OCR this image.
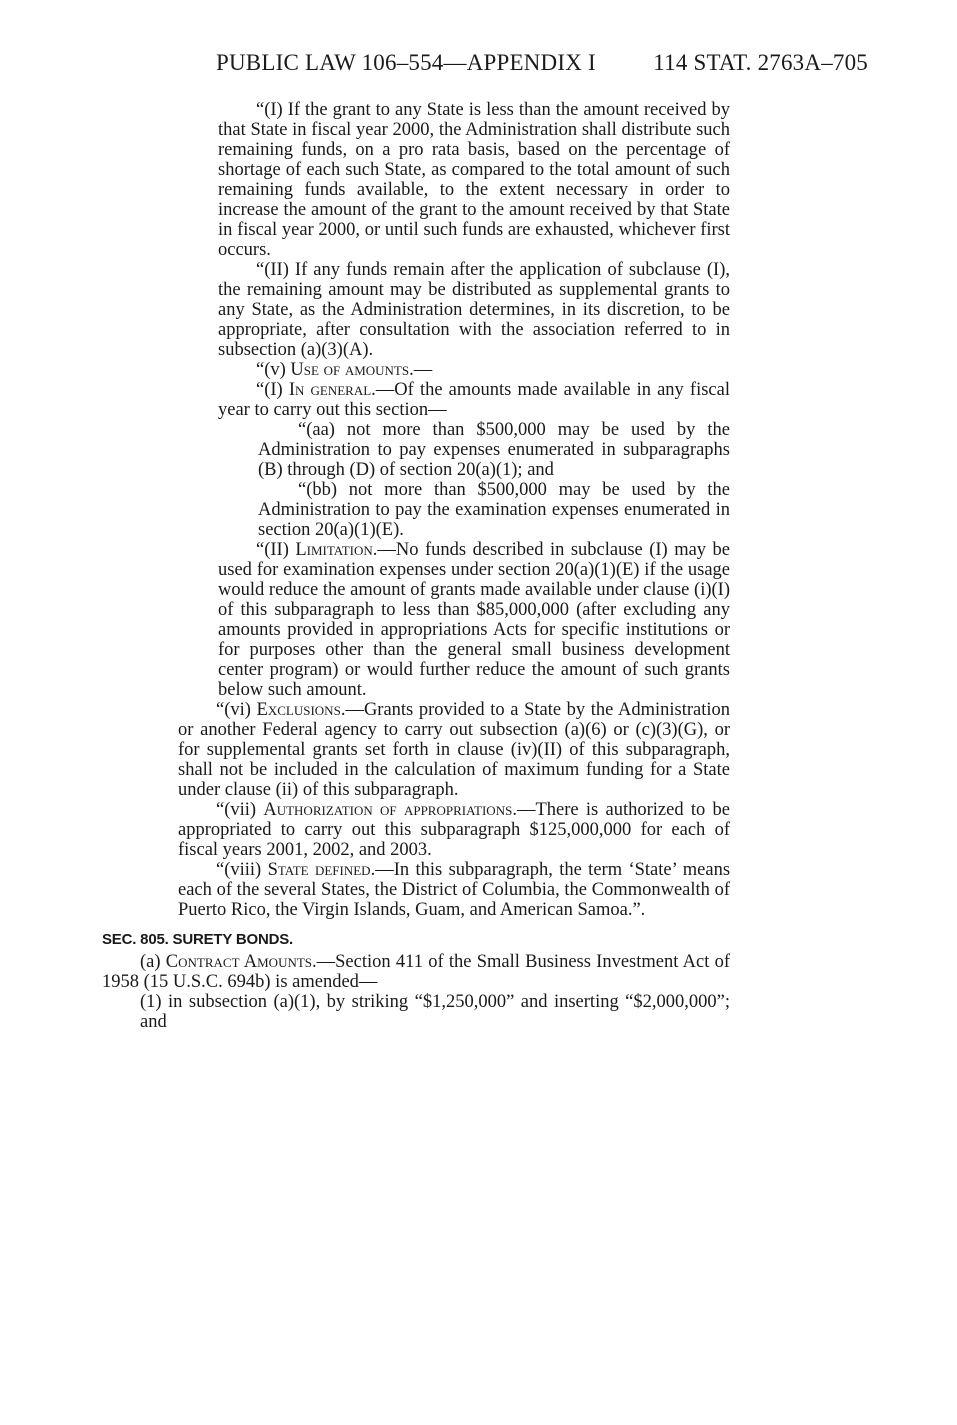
PUBLIC LAW 106–554—APPENDIX I 114 STAT. 2763A–705

“(I) If the grant to any State is less than the amount received by that State in fiscal year 2000, the Administration shall distribute such remaining funds, on a pro rata basis, based on the percentage of shortage of each such State, as compared to the total amount of such remaining funds available, to the extent necessary in order to increase the amount of the grant to the amount received by that State in fiscal year 2000, or until such funds are exhausted, whichever first occurs.

“(II) If any funds remain after the application of subclause (I), the remaining amount may be distributed as supplemental grants to any State, as the Administration determines, in its discretion, to be appropriate, after consultation with the association referred to in subsection (a)(3)(A).

“(v) Use of amounts.—

“(I) In general.—Of the amounts made available in any fiscal year to carry out this section—

“(aa) not more than $500,000 may be used by the Administration to pay expenses enumerated in subparagraphs (B) through (D) of section 20(a)(1); and

“(bb) not more than $500,000 may be used by the Administration to pay the examination expenses enumerated in section 20(a)(1)(E).

“(II) Limitation.—No funds described in subclause (I) may be used for examination expenses under section 20(a)(1)(E) if the usage would reduce the amount of grants made available under clause (i)(I) of this subparagraph to less than $85,000,000 (after excluding any amounts provided in appropriations Acts for specific institutions or for purposes other than the general small business development center program) or would further reduce the amount of such grants below such amount.

“(vi) Exclusions.—Grants provided to a State by the Administration or another Federal agency to carry out subsection (a)(6) or (c)(3)(G), or for supplemental grants set forth in clause (iv)(II) of this subparagraph, shall not be included in the calculation of maximum funding for a State under clause (ii) of this subparagraph.

“(vii) Authorization of appropriations.—There is authorized to be appropriated to carry out this subparagraph $125,000,000 for each of fiscal years 2001, 2002, and 2003.

“(viii) State defined.—In this subparagraph, the term ‘State’ means each of the several States, the District of Columbia, the Commonwealth of Puerto Rico, the Virgin Islands, Guam, and American Samoa.”.

SEC. 805. SURETY BONDS.

(a) Contract Amounts.—Section 411 of the Small Business Investment Act of 1958 (15 U.S.C. 694b) is amended—

(1) in subsection (a)(1), by striking “$1,250,000” and inserting “$2,000,000”; and
